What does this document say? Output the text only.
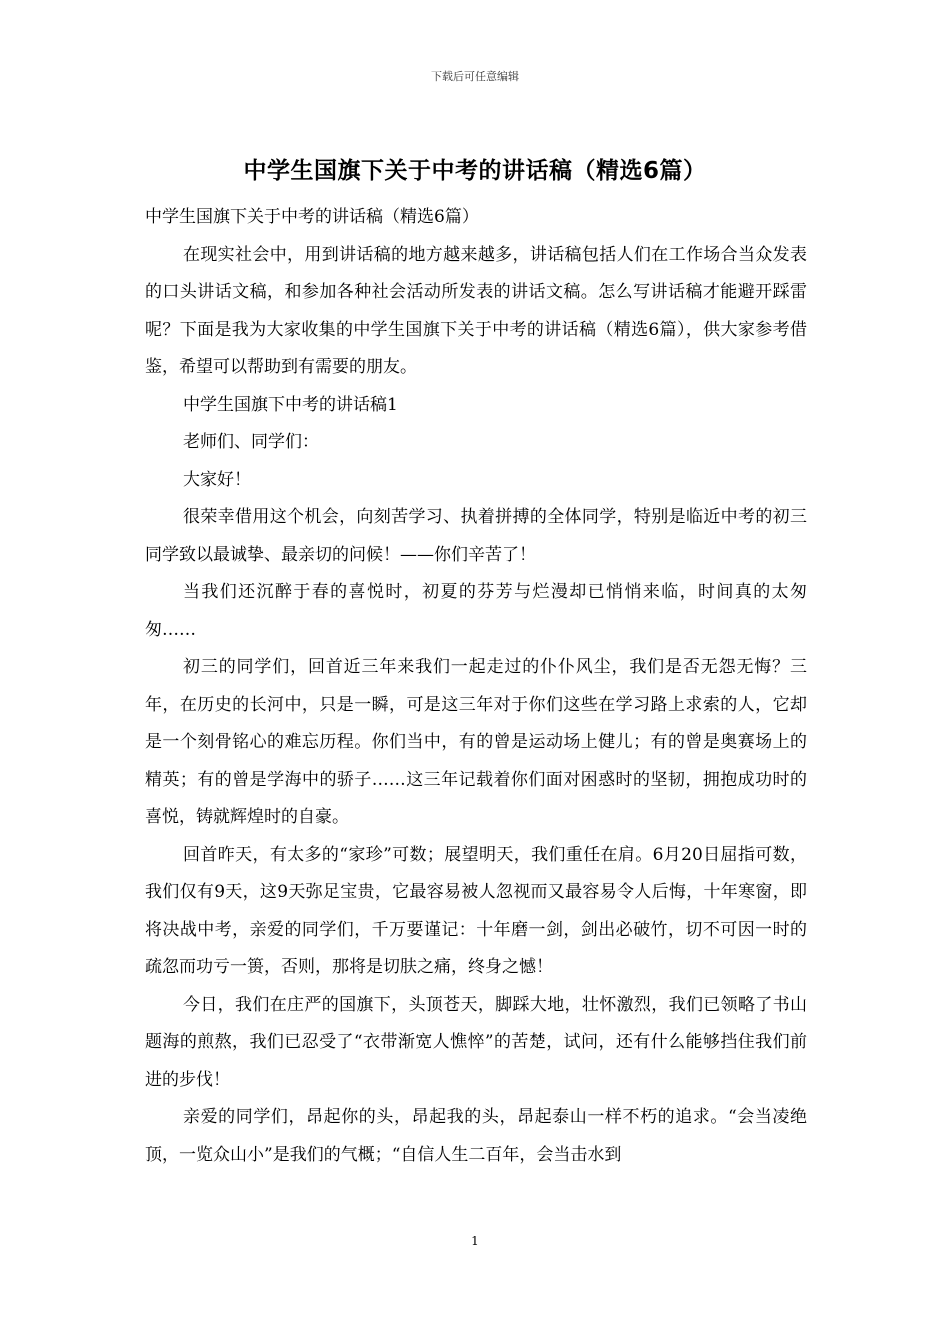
下载后可任意编辑
中学生国旗下关于中考的讲话稿（精选6篇）

中学生国旗下关于中考的讲话稿（精选6篇）

在现实社会中，用到讲话稿的地方越来越多，讲话稿包括人们在工作场合当众发表的口头讲话文稿，和参加各种社会活动所发表的讲话文稿。怎么写讲话稿才能避开踩雷呢？下面是我为大家收集的中学生国旗下关于中考的讲话稿（精选6篇），供大家参考借鉴，希望可以帮助到有需要的朋友。

中学生国旗下中考的讲话稿1

老师们、同学们：

大家好！

很荣幸借用这个机会，向刻苦学习、执着拼搏的全体同学，特别是临近中考的初三同学致以最诚挚、最亲切的问候！——你们辛苦了！

当我们还沉醉于春的喜悦时，初夏的芬芳与烂漫却已悄悄来临，时间真的太匆匆……

初三的同学们，回首近三年来我们一起走过的仆仆风尘，我们是否无怨无悔？三年，在历史的长河中，只是一瞬，可是这三年对于你们这些在学习路上求索的人，它却是一个刻骨铭心的难忘历程。你们当中，有的曾是运动场上健儿；有的曾是奥赛场上的精英；有的曾是学海中的骄子……这三年记载着你们面对困惑时的坚韧，拥抱成功时的喜悦，铸就辉煌时的自豪。

回首昨天，有太多的“家珍”可数；展望明天，我们重任在肩。6月20日屈指可数，我们仅有9天，这9天弥足宝贵，它最容易被人忽视而又最容易令人后悔，十年寒窗，即将决战中考，亲爱的同学们，千万要谨记：十年磨一剑，剑出必破竹，切不可因一时的疏忽而功亏一篑，否则，那将是切肤之痛，终身之憾！

今日，我们在庄严的国旗下，头顶苍天，脚踩大地，壮怀激烈，我们已领略了书山题海的煎熬，我们已忍受了“衣带渐宽人憔悴”的苦楚，试问，还有什么能够挡住我们前进的步伐！

亲爱的同学们，昂起你的头，昂起我的头，昂起泰山一样不朽的追求。“会当凌绝顶，一览众山小”是我们的气概；“自信人生二百年，会当击水到

1
